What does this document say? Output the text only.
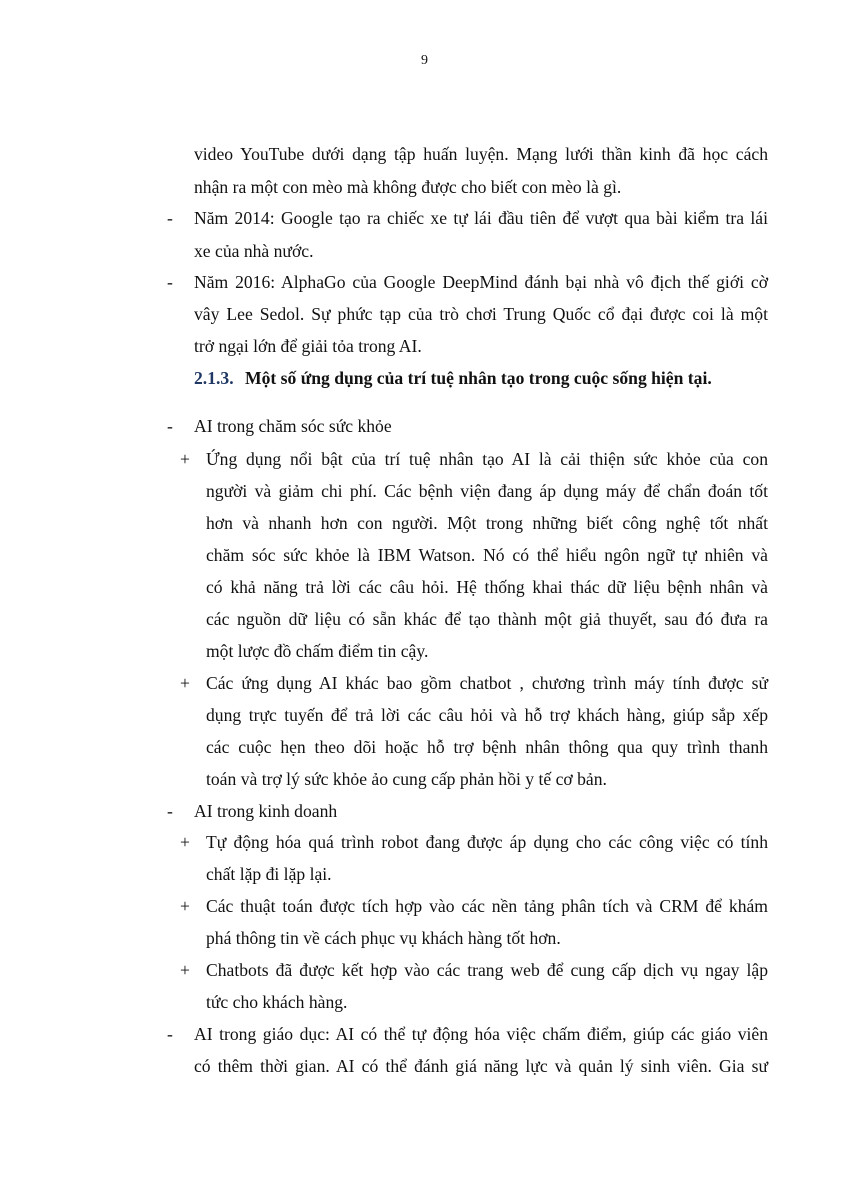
9
video YouTube dưới dạng tập huấn luyện. Mạng lưới thần kinh đã học cách
nhận ra một con mèo mà không được cho biết con mèo là gì.
- Năm 2014: Google tạo ra chiếc xe tự lái đầu tiên để vượt qua bài kiểm tra lái
xe của nhà nước.
- Năm 2016: AlphaGo của Google DeepMind đánh bại nhà vô địch thế giới cờ
vây Lee Sedol. Sự phức tạp của trò chơi Trung Quốc cổ đại được coi là một
trở ngại lớn để giải tỏa trong AI.
2.1.3. Một số ứng dụng của trí tuệ nhân tạo trong cuộc sống hiện tại.
- AI trong chăm sóc sức khỏe
+ Ứng dụng nổi bật của trí tuệ nhân tạo AI là cải thiện sức khỏe của con
người và giảm chi phí. Các bệnh viện đang áp dụng máy để chẩn đoán tốt
hơn và nhanh hơn con người. Một trong những biết công nghệ tốt nhất
chăm sóc sức khỏe là IBM Watson. Nó có thể hiểu ngôn ngữ tự nhiên và
có khả năng trả lời các câu hỏi. Hệ thống khai thác dữ liệu bệnh nhân và
các nguồn dữ liệu có sẵn khác để tạo thành một giả thuyết, sau đó đưa ra
một lược đồ chấm điểm tin cậy.
+ Các ứng dụng AI khác bao gồm chatbot , chương trình máy tính được sử
dụng trực tuyến để trả lời các câu hỏi và hỗ trợ khách hàng, giúp sắp xếp
các cuộc hẹn theo dõi hoặc hỗ trợ bệnh nhân thông qua quy trình thanh
toán và trợ lý sức khỏe ảo cung cấp phản hồi y tế cơ bản.
- AI trong kinh doanh
+ Tự động hóa quá trình robot đang được áp dụng cho các công việc có tính
chất lặp đi lặp lại.
+ Các thuật toán được tích hợp vào các nền tảng phân tích và CRM để khám
phá thông tin về cách phục vụ khách hàng tốt hơn.
+ Chatbots đã được kết hợp vào các trang web để cung cấp dịch vụ ngay lập
tức cho khách hàng.
- AI trong giáo dục: AI có thể tự động hóa việc chấm điểm, giúp các giáo viên
có thêm thời gian. AI có thể đánh giá năng lực và quản lý sinh viên. Gia sư
